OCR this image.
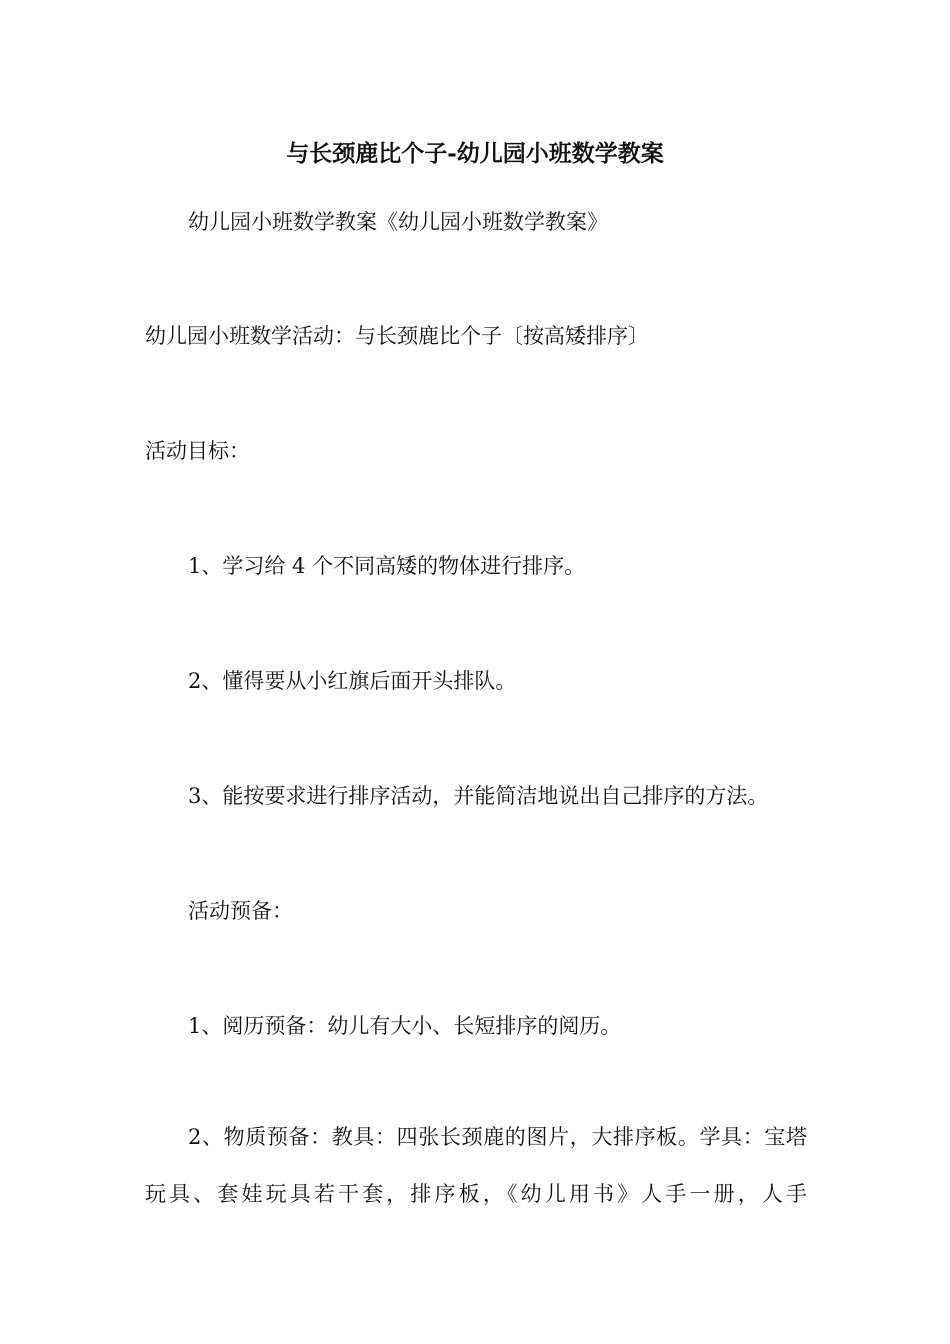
与长颈鹿比个子-幼儿园小班数学教案
幼儿园小班数学教案《幼儿园小班数学教案》
幼儿园小班数学活动：与长颈鹿比个子〔按高矮排序〕
活动目标：
1、学习给 4 个不同高矮的物体进行排序。
2、懂得要从小红旗后面开头排队。
3、能按要求进行排序活动，并能简洁地说出自己排序的方法。
活动预备：
1、阅历预备：幼儿有大小、长短排序的阅历。
2、物质预备：教具：四张长颈鹿的图片，大排序板。学具：宝塔玩具、套娃玩具若干套，排序板，《幼儿用书》人手一册，人手
